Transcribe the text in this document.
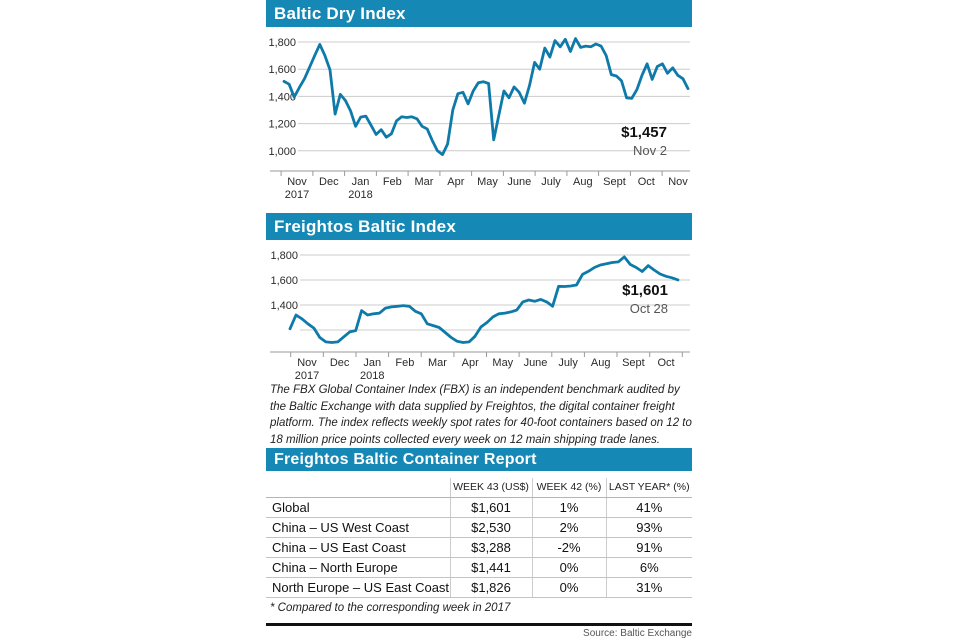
Baltic Dry Index
1,800
1,600
1,400
1,200
1,000
Nov
2017
Dec Jan
2018
Feb Mar Apr May June July Aug Sept Oct Nov
$1,457
Nov 2
Freightos Baltic Index
1,800
1,600
1,400
Nov
2017
Dec Jan
2018
Feb Mar Apr May June July Aug Sept Oct
$1,601
Oct 28

The FBX Global Container Index (FBX) is an independent benchmark audited by the Baltic Exchange with data supplied by Freightos, the digital container freight platform. The index reflects weekly spot rates for 40-foot containers based on 12 to 18 million price points collected every week on 12 main shipping trade lanes.

Freightos Baltic Container Report
	WEEK 43 (US$)	WEEK 42 (%)	LAST YEAR* (%)
Global	$1,601	1%	41%
China – US West Coast	$2,530	2%	93%
China – US East Coast	$3,288	-2%	91%
China – North Europe	$1,441	0%	6%
North Europe – US East Coast	$1,826	0%	31%

* Compared to the corresponding week in 2017

Source: Baltic Exchange
